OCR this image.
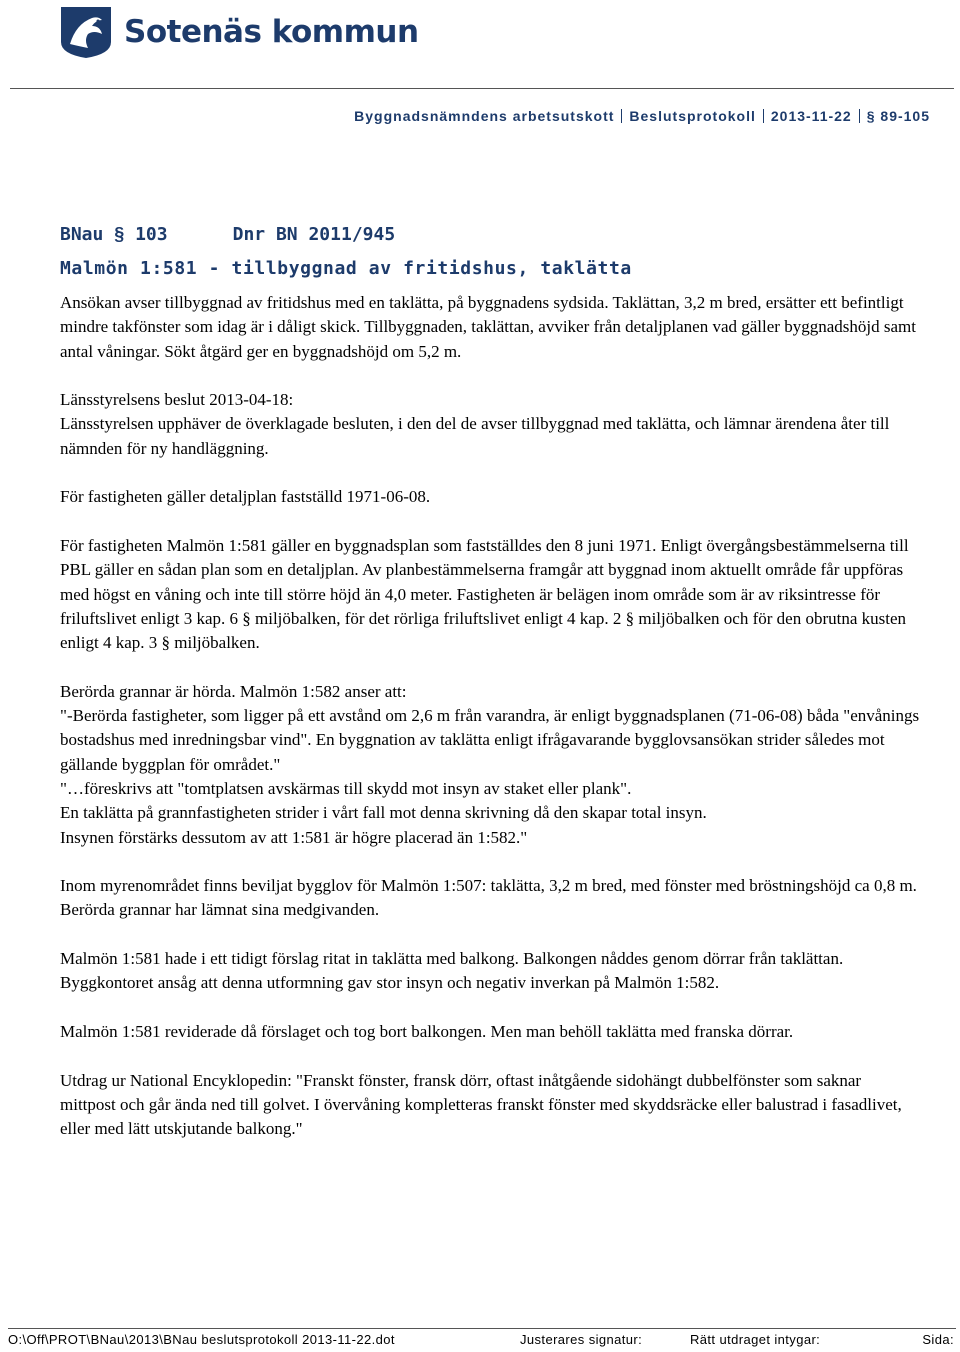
Sotenäs kommun
Byggnadsnämndens arbetsutskott Beslutsprotokoll 2013-11-22 § 89-105
BNau § 103	Dnr BN 2011/945
Malmön 1:581 - tillbyggnad av fritidshus, taklätta

Ansökan avser tillbyggnad av fritidshus med en taklätta, på byggnadens sydsida. Taklättan, 3,2 m bred, ersätter ett befintligt mindre takfönster som idag är i dåligt skick. Tillbyggnaden, taklättan, avviker från detaljplanen vad gäller byggnadshöjd samt antal våningar. Sökt åtgärd ger en byggnadshöjd om 5,2 m.

Länsstyrelsens beslut 2013-04-18:
Länsstyrelsen upphäver de överklagade besluten, i den del de avser tillbyggnad med taklätta, och lämnar ärendena åter till nämnden för ny handläggning.

För fastigheten gäller detaljplan fastställd 1971-06-08.

För fastigheten Malmön 1:581 gäller en byggnadsplan som fastställdes den 8 juni 1971. Enligt övergångsbestämmelserna till PBL gäller en sådan plan som en detaljplan. Av planbestämmelserna framgår att byggnad inom aktuellt område får uppföras med högst en våning och inte till större höjd än 4,0 meter. Fastigheten är belägen inom område som är av riksintresse för friluftslivet enligt 3 kap. 6 § miljöbalken, för det rörliga friluftslivet enligt 4 kap. 2 § miljöbalken och för den obrutna kusten enligt 4 kap. 3 § miljöbalken.

Berörda grannar är hörda. Malmön 1:582 anser att:
"-Berörda fastigheter, som ligger på ett avstånd om 2,6 m från varandra, är enligt byggnadsplanen (71-06-08) båda "envånings bostadshus med inredningsbar vind". En byggnation av taklätta enligt ifrågavarande bygglovsansökan strider således mot gällande byggplan för området."
"…föreskrivs att "tomtplatsen avskärmas till skydd mot insyn av staket eller plank".
En taklätta på grannfastigheten strider i vårt fall mot denna skrivning då den skapar total insyn.
Insynen förstärks dessutom av att 1:581 är högre placerad än 1:582."

Inom myrenområdet finns beviljat bygglov för Malmön 1:507: taklätta, 3,2 m bred, med fönster med bröstningshöjd ca 0,8 m. Berörda grannar har lämnat sina medgivanden.

Malmön 1:581 hade i ett tidigt förslag ritat in taklätta med balkong. Balkongen nåddes genom dörrar från taklättan. Byggkontoret ansåg att denna utformning gav stor insyn och negativ inverkan på Malmön 1:582.

Malmön 1:581 reviderade då förslaget och tog bort balkongen. Men man behöll taklätta med franska dörrar.

Utdrag ur National Encyklopedin: "Franskt fönster, fransk dörr, oftast inåtgående sidohängt dubbelfönster som saknar mittpost och går ända ned till golvet. I övervåning kompletteras franskt fönster med skyddsräcke eller balustrad i fasadlivet, eller med lätt utskjutande balkong."

O:\Off\PROT\BNau\2013\BNau beslutsprotokoll 2013-11-22.dot	Justerares signatur:	Rätt utdraget intygar:	Sida:
